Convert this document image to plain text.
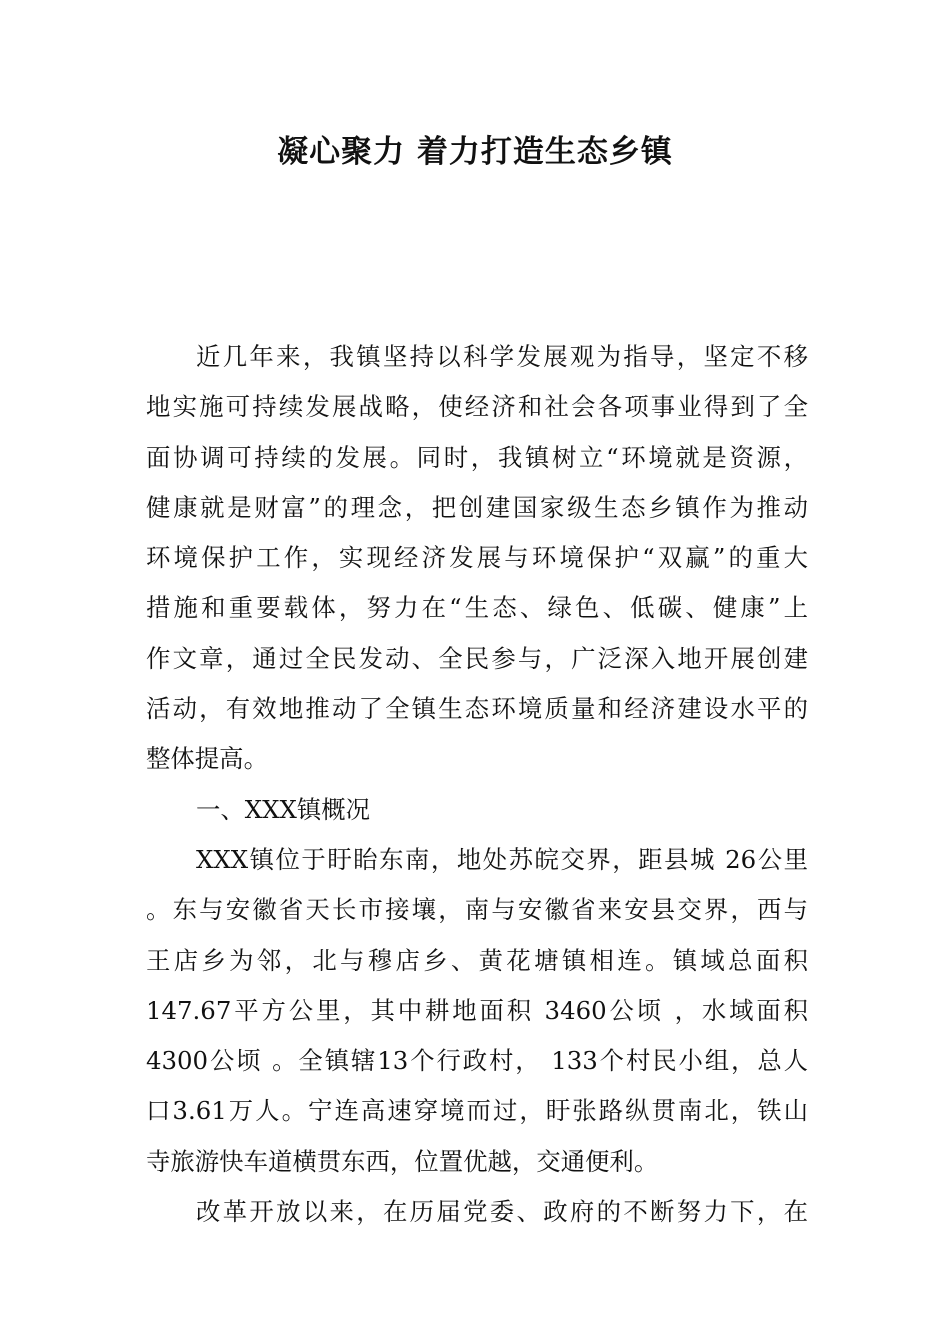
凝心聚力 着力打造生态乡镇
近几年来，我镇坚持以科学发展观为指导，坚定不移
地实施可持续发展战略，使经济和社会各项事业得到了全
面协调可持续的发展。同时，我镇树立“环境就是资源，
健康就是财富”的理念，把创建国家级生态乡镇作为推动
环境保护工作，实现经济发展与环境保护“双赢”的重大
措施和重要载体，努力在“生态、绿色、低碳、健康”上
作文章，通过全民发动、全民参与，广泛深入地开展创建
活动，有效地推动了全镇生态环境质量和经济建设水平的
整体提高。
一、XXX镇概况
XXX镇位于盱眙东南，地处苏皖交界，距县城 26公里
。东与安徽省天长市接壤，南与安徽省来安县交界，西与
王店乡为邻，北与穆店乡、黄花塘镇相连。镇域总面积
147.67平方公里，其中耕地面积 3460公顷 ，水域面积
4300公顷 。全镇辖13个行政村， 133个村民小组，总人
口3.61万人。宁连高速穿境而过，盱张路纵贯南北，铁山
寺旅游快车道横贯东西，位置优越，交通便利。
改革开放以来，在历届党委、政府的不断努力下，在
